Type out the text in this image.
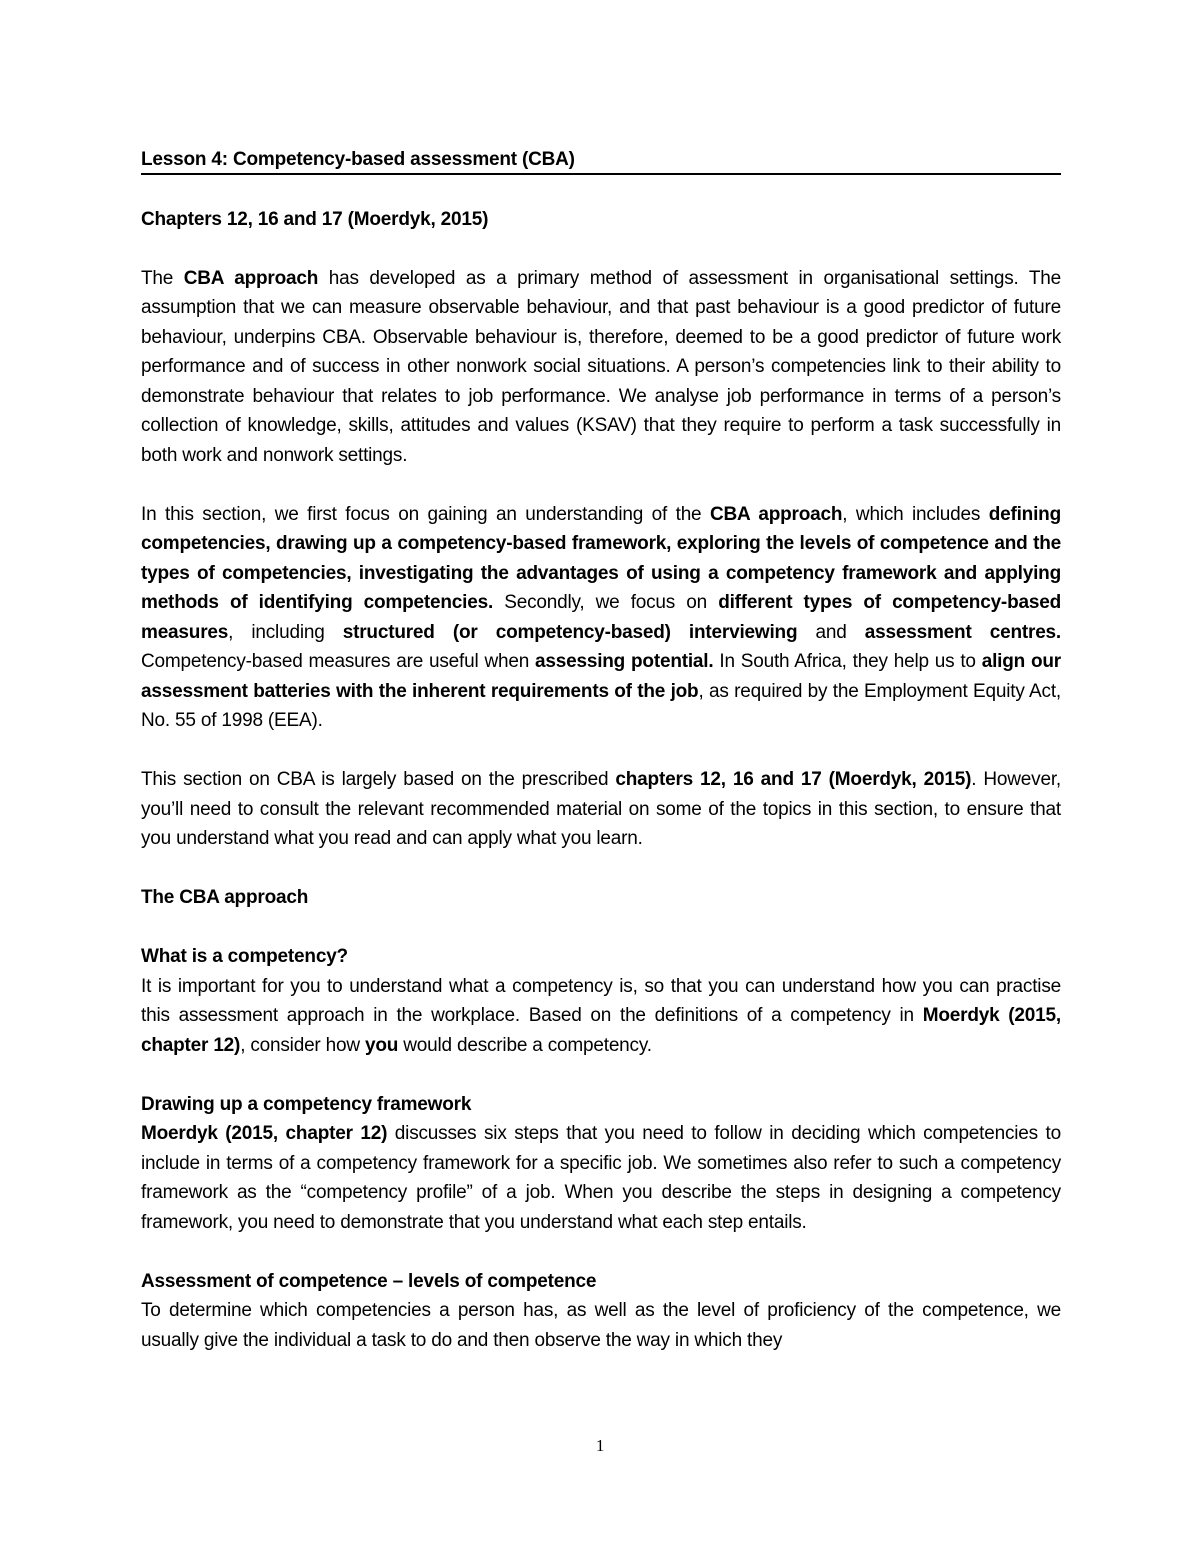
Lesson 4: Competency-based assessment (CBA)

Chapters 12, 16 and 17 (Moerdyk, 2015)

The CBA approach has developed as a primary method of assessment in organisational settings. The assumption that we can measure observable behaviour, and that past behaviour is a good predictor of future behaviour, underpins CBA. Observable behaviour is, therefore, deemed to be a good predictor of future work performance and of success in other nonwork social situations. A person’s competencies link to their ability to demonstrate behaviour that relates to job performance. We analyse job performance in terms of a person’s collection of knowledge, skills, attitudes and values (KSAV) that they require to perform a task successfully in both work and nonwork settings.

In this section, we first focus on gaining an understanding of the CBA approach, which includes defining competencies, drawing up a competency-based framework, exploring the levels of competence and the types of competencies, investigating the advantages of using a competency framework and applying methods of identifying competencies. Secondly, we focus on different types of competency-based measures, including structured (or competency-based) interviewing and assessment centres. Competency-based measures are useful when assessing potential. In South Africa, they help us to align our assessment batteries with the inherent requirements of the job, as required by the Employment Equity Act, No. 55 of 1998 (EEA).

This section on CBA is largely based on the prescribed chapters 12, 16 and 17 (Moerdyk, 2015). However, you’ll need to consult the relevant recommended material on some of the topics in this section, to ensure that you understand what you read and can apply what you learn.

The CBA approach

What is a competency?

It is important for you to understand what a competency is, so that you can understand how you can practise this assessment approach in the workplace. Based on the definitions of a competency in Moerdyk (2015, chapter 12), consider how you would describe a competency.

Drawing up a competency framework

Moerdyk (2015, chapter 12) discusses six steps that you need to follow in deciding which competencies to include in terms of a competency framework for a specific job. We sometimes also refer to such a competency framework as the “competency profile” of a job. When you describe the steps in designing a competency framework, you need to demonstrate that you understand what each step entails.

Assessment of competence – levels of competence

To determine which competencies a person has, as well as the level of proficiency of the competence, we usually give the individual a task to do and then observe the way in which they

1
